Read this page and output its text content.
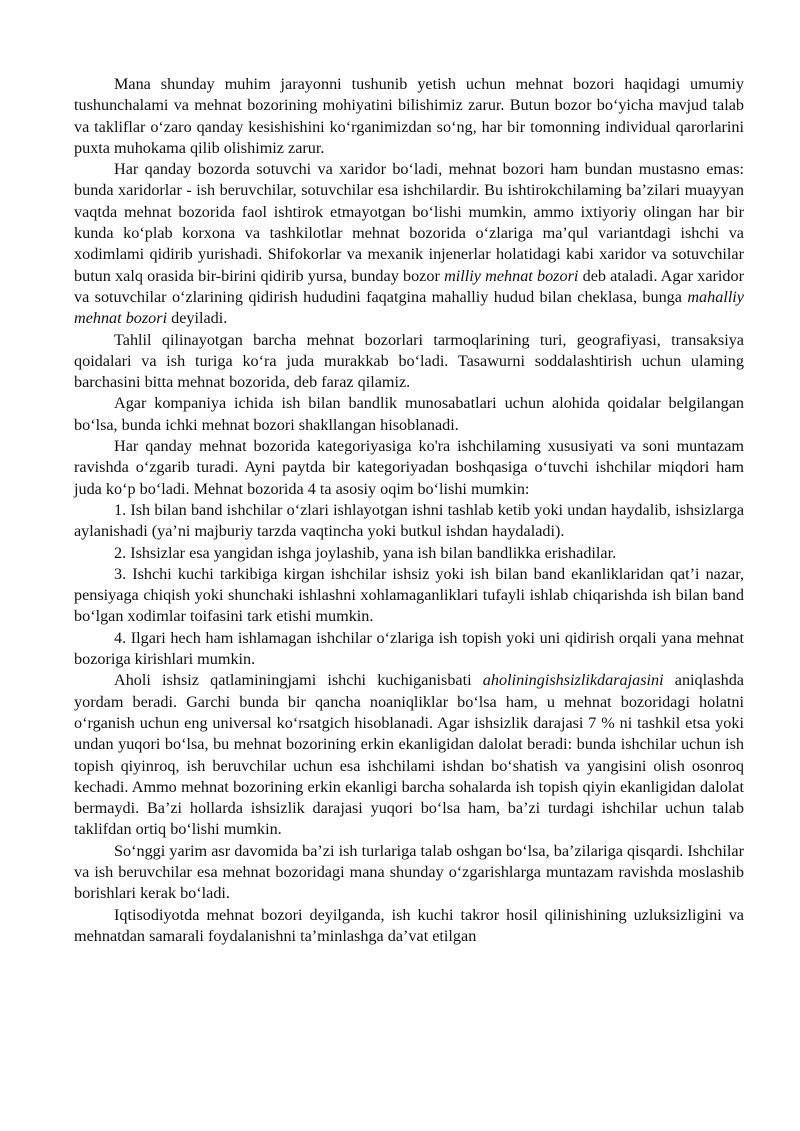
Mana shunday muhim jarayonni tushunib yetish uchun mehnat bozori haqidagi umumiy tushunchalami va mehnat bozorining mohiyatini bilishimiz zarur. Butun bozor bo‘yicha mavjud talab va takliflar o‘zaro qanday kesishishini ko‘rganimizdan so‘ng, har bir tomonning individual qarorlarini puxta muhokama qilib olishimiz zarur.

Har qanday bozorda sotuvchi va xaridor bo‘ladi, mehnat bozori ham bundan mustasno emas: bunda xaridorlar - ish beruvchilar, sotuvchilar esa ishchilardir. Bu ishtirokchilaming ba’zilari muayyan vaqtda mehnat bozorida faol ishtirok etmayotgan bo‘lishi mumkin, ammo ixtiyoriy olingan har bir kunda ko‘plab korxona va tashkilotlar mehnat bozorida o‘zlariga ma’qul variantdagi ishchi va xodimlami qidirib yurishadi. Shifokorlar va mexanik injenerlar holatidagi kabi xaridor va sotuvchilar butun xalq orasida bir-birini qidirib yursa, bunday bozor milliy mehnat bozori deb ataladi. Agar xaridor va sotuvchilar o‘zlarining qidirish hududini faqatgina mahalliy hudud bilan cheklasa, bunga mahalliy mehnat bozori deyiladi.

Tahlil qilinayotgan barcha mehnat bozorlari tarmoqlarining turi, geografiyasi, transaksiya qoidalari va ish turiga ko‘ra juda murakkab bo‘ladi. Tasawurni soddalashtirish uchun ulaming barchasini bitta mehnat bozorida, deb faraz qilamiz.

Agar kompaniya ichida ish bilan bandlik munosabatlari uchun alohida qoidalar belgilangan bo‘lsa, bunda ichki mehnat bozori shakllangan hisoblanadi.

Har qanday mehnat bozorida kategoriyasiga ko'ra ishchilaming xususiyati va soni muntazam ravishda o‘zgarib turadi. Ayni paytda bir kategoriyadan boshqasiga o‘tuvchi ishchilar miqdori ham juda ko‘p bo‘ladi. Mehnat bozorida 4 ta asosiy oqim bo‘lishi mumkin:

1. Ish bilan band ishchilar o‘zlari ishlayotgan ishni tashlab ketib yoki undan haydalib, ishsizlarga aylanishadi (ya’ni majburiy tarzda vaqtincha yoki butkul ishdan haydaladi).

2. Ishsizlar esa yangidan ishga joylashib, yana ish bilan bandlikka erishadilar.

3. Ishchi kuchi tarkibiga kirgan ishchilar ishsiz yoki ish bilan band ekanliklaridan qat’i nazar, pensiyaga chiqish yoki shunchaki ishlashni xohlamaganliklari tufayli ishlab chiqarishda ish bilan band bo‘lgan xodimlar toifasini tark etishi mumkin.

4. Ilgari hech ham ishlamagan ishchilar o‘zlariga ish topish yoki uni qidirish orqali yana mehnat bozoriga kirishlari mumkin.

Aholi ishsiz qatlaminingjami ishchi kuchiganisbati aholiningishsizlikdarajasini aniqlashda yordam beradi. Garchi bunda bir qancha noaniqliklar bo‘lsa ham, u mehnat bozoridagi holatni o‘rganish uchun eng universal ko‘rsatgich hisoblanadi. Agar ishsizlik darajasi 7 % ni tashkil etsa yoki undan yuqori bo‘lsa, bu mehnat bozorining erkin ekanligidan dalolat beradi: bunda ishchilar uchun ish topish qiyinroq, ish beruvchilar uchun esa ishchilami ishdan bo‘shatish va yangisini olish osonroq kechadi. Ammo mehnat bozorining erkin ekanligi barcha sohalarda ish topish qiyin ekanligidan dalolat bermaydi. Ba’zi hollarda ishsizlik darajasi yuqori bo‘lsa ham, ba’zi turdagi ishchilar uchun talab taklifdan ortiq bo‘lishi mumkin.

So‘nggi yarim asr davomida ba’zi ish turlariga talab oshgan bo‘lsa, ba’zilariga qisqardi. Ishchilar va ish beruvchilar esa mehnat bozoridagi mana shunday o‘zgarishlarga muntazam ravishda moslashib borishlari kerak bo‘ladi.

Iqtisodiyotda mehnat bozori deyilganda, ish kuchi takror hosil qilinishining uzluksizligini va mehnatdan samarali foydalanishni ta’minlashga da’vat etilgan
